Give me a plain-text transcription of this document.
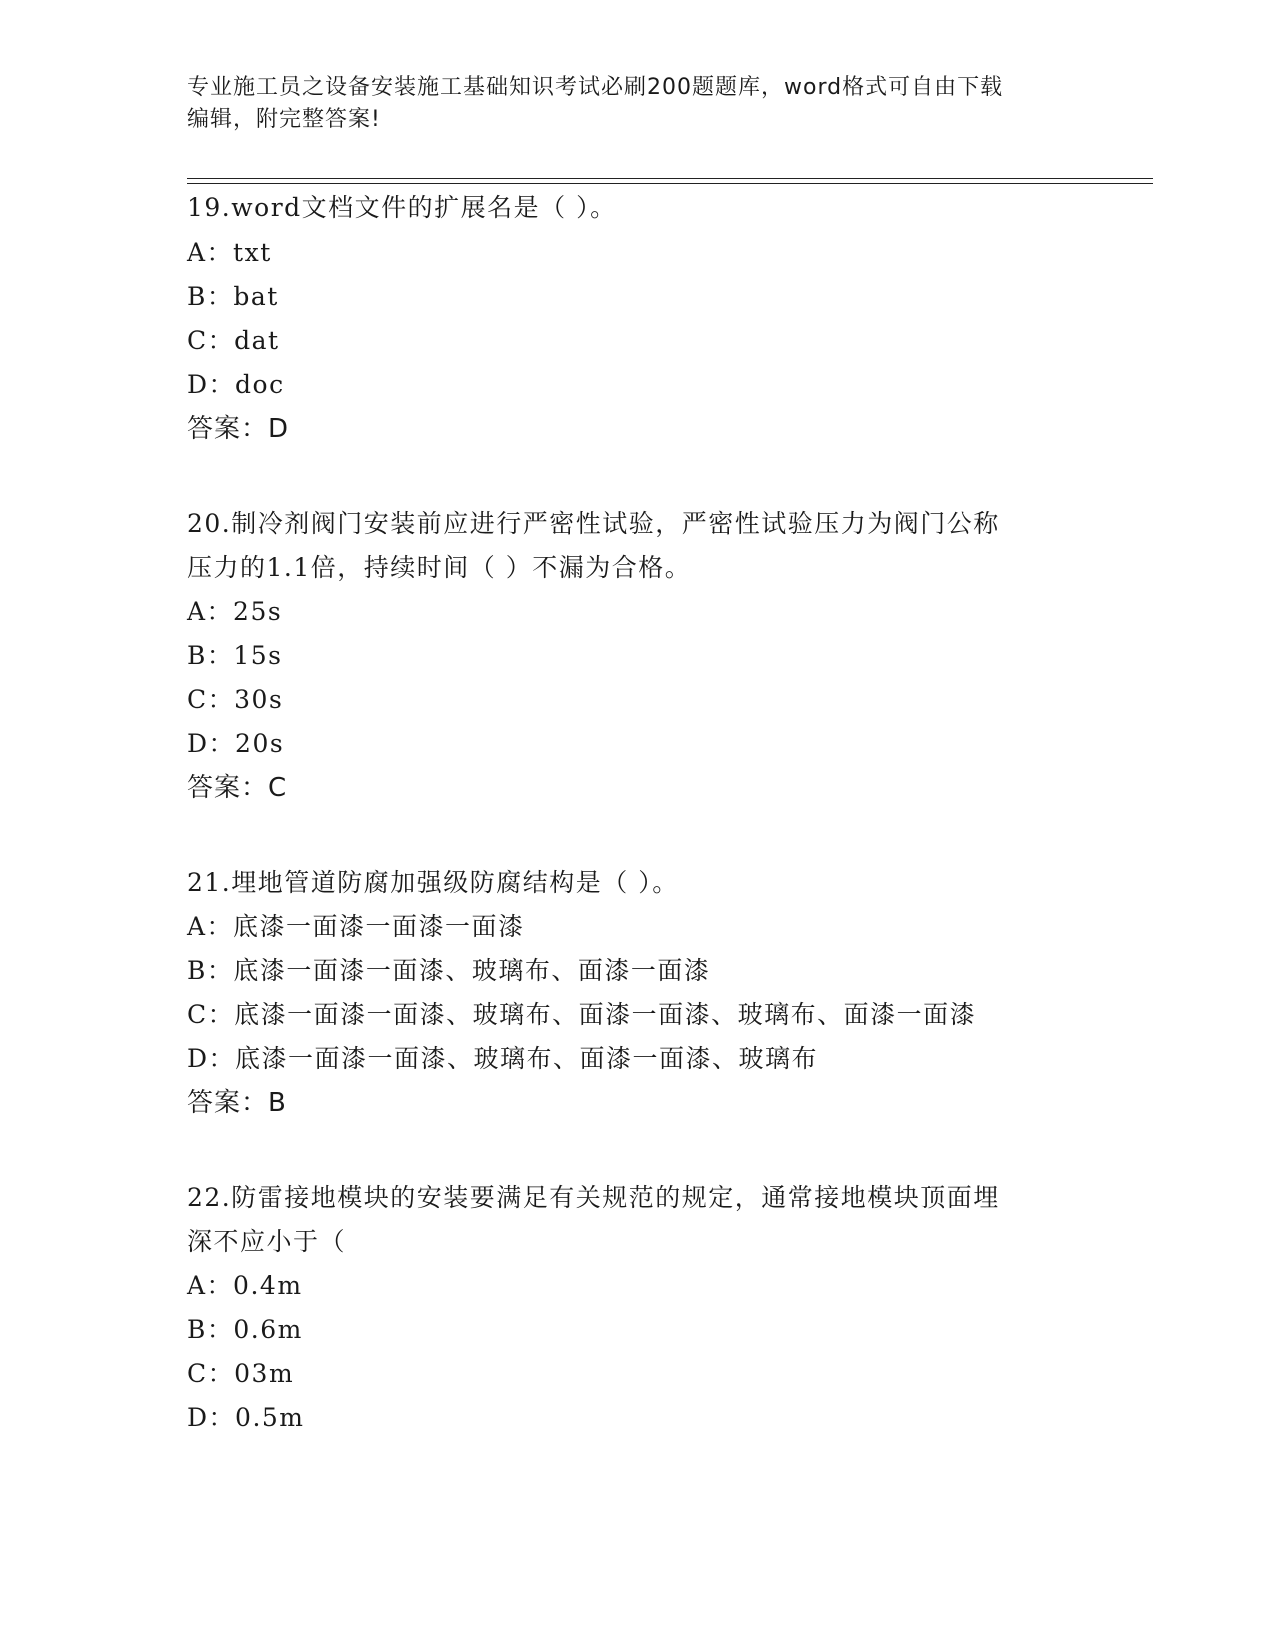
专业施工员之设备安装施工基础知识考试必刷200题题库，word格式可自由下载
编辑，附完整答案!
19.word文档文件的扩展名是（ ）。
A：txt
B：bat
C：dat
D：doc
答案：D
20.制冷剂阀门安装前应进行严密性试验，严密性试验压力为阀门公称
压力的1.1倍，持续时间（ ）不漏为合格。
A：25s
B：15s
C：30s
D：20s
答案：C
21.埋地管道防腐加强级防腐结构是（ ）。
A：底漆一面漆一面漆一面漆
B：底漆一面漆一面漆、玻璃布、面漆一面漆
C：底漆一面漆一面漆、玻璃布、面漆一面漆、玻璃布、面漆一面漆
D：底漆一面漆一面漆、玻璃布、面漆一面漆、玻璃布
答案：B
22.防雷接地模块的安装要满足有关规范的规定，通常接地模块顶面埋
深不应小于（
A：0.4m
B：0.6m
C：03m
D：0.5m
